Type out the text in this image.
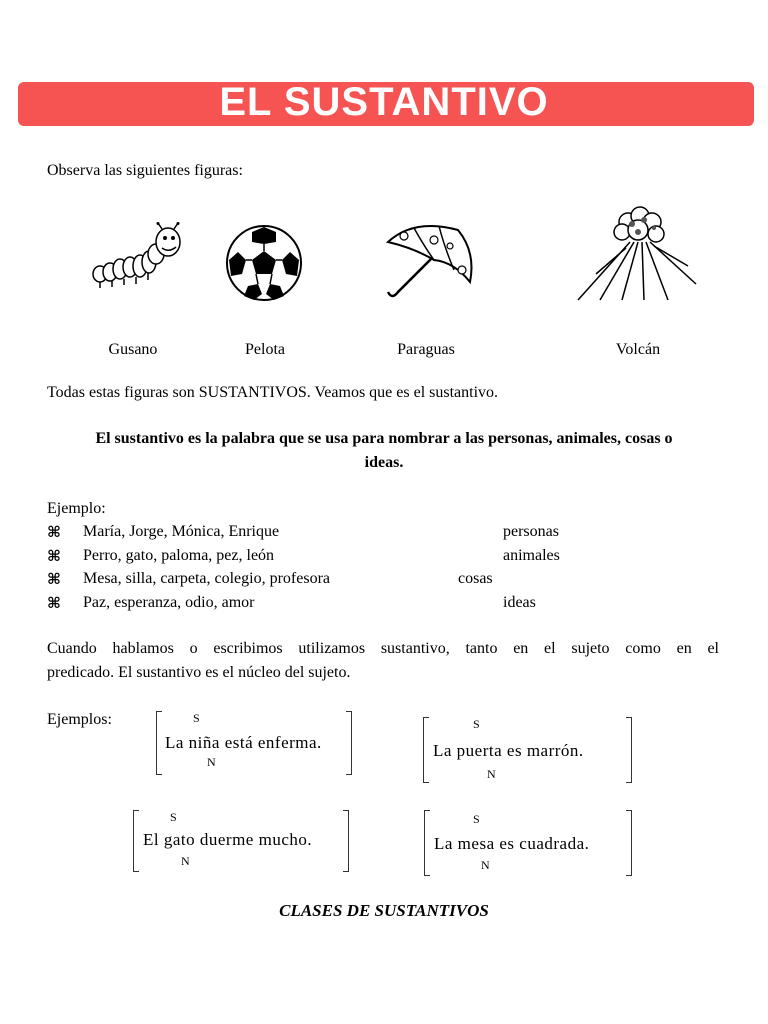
EL SUSTANTIVO
Observa las siguientes figuras:
Gusano	Pelota	Paraguas	Volcán
Todas estas figuras son SUSTANTIVOS. Veamos que es el sustantivo.
El sustantivo es la palabra que se usa para nombrar a las personas, animales, cosas o
ideas.
Ejemplo:
⌘ María, Jorge, Mónica, Enrique	personas
⌘ Perro, gato, paloma, pez, león	animales
⌘ Mesa, silla, carpeta, colegio, profesora	cosas
⌘ Paz, esperanza, odio, amor	ideas
Cuando hablamos o escribimos utilizamos sustantivo, tanto en el sujeto como en el
predicado. El sustantivo es el núcleo del sujeto.
Ejemplos:	S
La niña está enferma.
N
S
La puerta es marrón.
N
S
El gato duerme mucho.
N
S
La mesa es cuadrada.
N
CLASES DE SUSTANTIVOS
